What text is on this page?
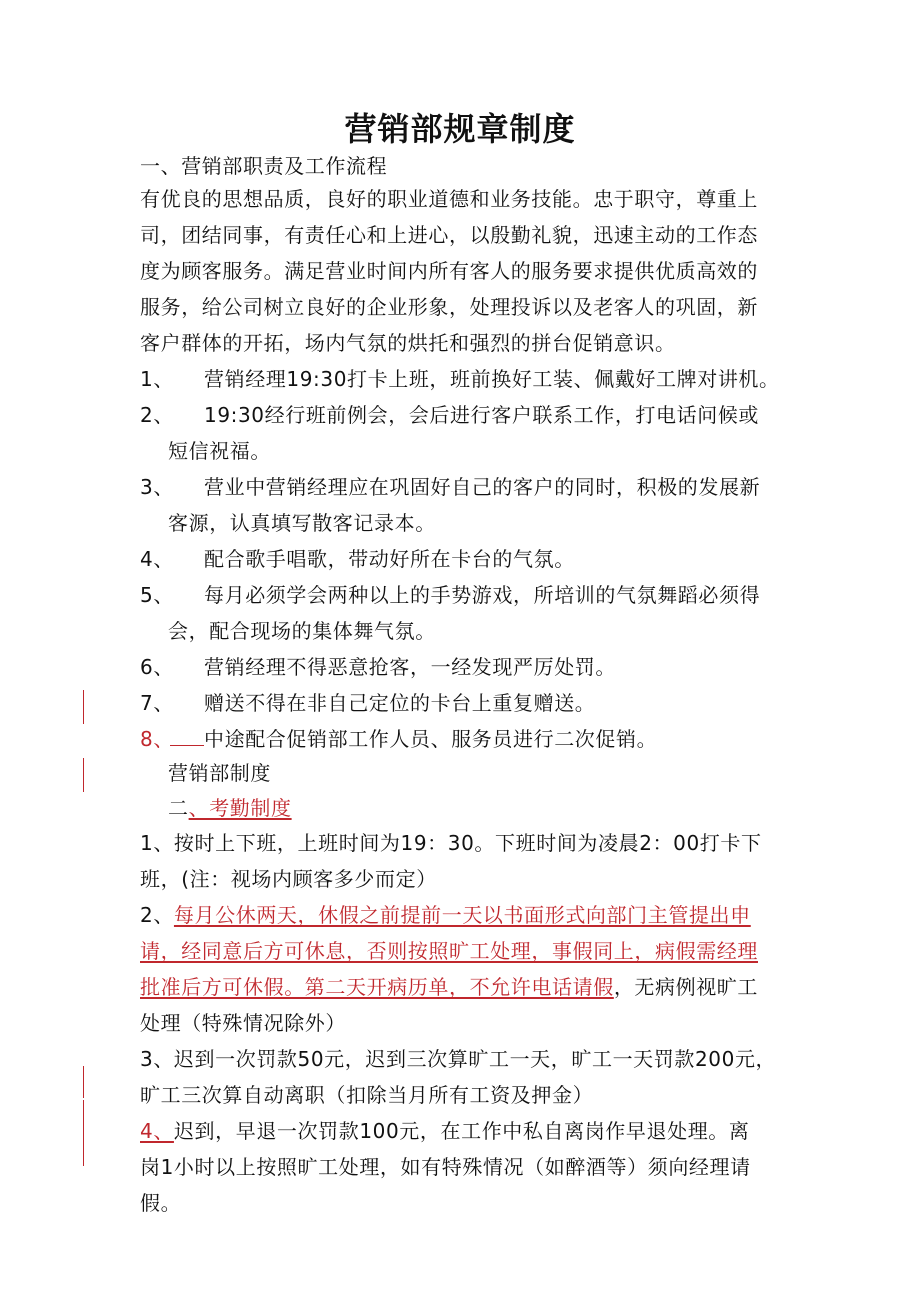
营销部规章制度
一、营销部职责及工作流程
有优良的思想品质，良好的职业道德和业务技能。忠于职守，尊重上
司，团结同事，有责任心和上进心，以殷勤礼貌，迅速主动的工作态
度为顾客服务。满足营业时间内所有客人的服务要求提供优质高效的
服务，给公司树立良好的企业形象，处理投诉以及老客人的巩固，新
客户群体的开拓，场内气氛的烘托和强烈的拼台促销意识。
1、 营销经理19:30打卡上班，班前换好工装、佩戴好工牌对讲机。
2、 19:30经行班前例会，会后进行客户联系工作，打电话问候或
短信祝福。
3、 营业中营销经理应在巩固好自己的客户的同时，积极的发展新
客源，认真填写散客记录本。
4、 配合歌手唱歌，带动好所在卡台的气氛。
5、 每月必须学会两种以上的手势游戏，所培训的气氛舞蹈必须得
会，配合现场的集体舞气氛。
6、 营销经理不得恶意抢客，一经发现严厉处罚。
7、 赠送不得在非自己定位的卡台上重复赠送。
8、 中途配合促销部工作人员、服务员进行二次促销。
营销部制度
二、考勤制度
1、按时上下班，上班时间为19：30。下班时间为凌晨2：00打卡下
班，(注：视场内顾客多少而定）
2、每月公休两天，休假之前提前一天以书面形式向部门主管提出申
请，经同意后方可休息，否则按照旷工处理，事假同上，病假需经理
批准后方可休假。第二天开病历单，不允许电话请假，无病例视旷工
处理（特殊情况除外）
3、迟到一次罚款50元，迟到三次算旷工一天，旷工一天罚款200元，
旷工三次算自动离职（扣除当月所有工资及押金）
4、迟到，早退一次罚款100元，在工作中私自离岗作早退处理。离
岗1小时以上按照旷工处理，如有特殊情况（如醉酒等）须向经理请
假。
